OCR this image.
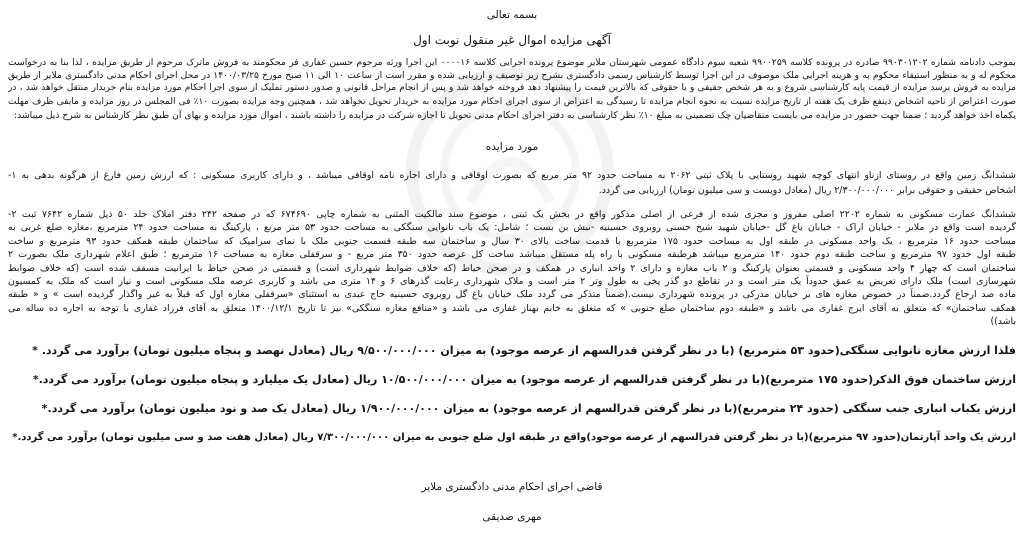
بسمه تعالی
آگهی مزایده اموال غیر منقول نوبت اول
بموجب دادنامه شماره ۹۹۰۳۰۱۲۰۲ صادره در پرونده کلاسه ۹۹۰۰۲۵۹ شعبه سوم دادگاه عمومی شهرستان ملایر موضوع پرونده اجرایی کلاسه ۰۰۰۰۱۶ این اجرا ورثه مرحوم حسین غفاری فر محکومند به فروش ماترک مرحوم از طریق مزایده ، لذا بنا به درخواست
محکوم له و به منظور استیفاء محکوم به و هزینه اجرایی ملک موصوف در این اجرا توسط کارشناس رسمی دادگستری بشرح زیر توصیف و ارزیابی شده و مقرر است از ساعت ۱۰ الی ۱۱ صبح مورخ ۱۴۰۰/۰۳/۲۵ در محل اجرای احکام مدنی دادگستری ملایر از طریق
مزایده به فروش برسد مزایده از قیمت پایه کارشناسی شروع و به هر شخص حقیقی و یا حقوقی که بالاترین قیمت را پیشنهاد دهد فروخته خواهد شد و پس از انجام مراحل قانونی و صدور دستور تملیک از سوی اجرا احکام مورد مزایده بنام خریدار منتقل خواهد شد ، در
صورت اعتراض از ناحیه اشخاص ذینفع ظرف یک هفته از تاریخ مزایده نسبت به نحوه انجام مزایده تا رسیدگی به اعتراض از سوی اجرای احکام مورد مزایده به خریدار تحویل نخواهد شد ، همچنین وجه مزایده بصورت ۱۰٪ فی المجلس در روز مزایده و مابقی ظرف مهلت
یکماه اخذ خواهد گردید ؛ ضمنا جهت حضور در مزایده می بایست متقاضیان چک تضمینی به مبلغ ۱۰٪ نظر کارشناسی به دفتر اجرای احکام مدنی تحویل تا اجازه شرکت در مزایده را داشته باشند ، اموال مورد مزایده و بهای آن طبق نظر کارشناس به شرح ذیل میباشد:
مورد مزایده
ششدانگ زمین واقع در روستای ازناو انتهای کوچه شهید روستایی با پلاک ثبتی ۲۰۶۲ به مساحت حدود ۹۲ متر مربع که بصورت اوقافی و دارای اجاره نامه اوقافی میباشد ، و دارای کاربری مسکونی : که ارزش زمین فارغ از هرگونه بدهی به ۱-
اشخاص حقیقی و حقوقی برابر ۲/۳۰۰/۰۰۰/۰۰۰ ریال (معادل دویست و سی میلیون تومان) ارزیابی می گردد.
ششدانگ عمارت مسکونی به شماره ۲۲۰۲ اصلی مفروز و مجزی شده از فرعی از اصلی مذکور واقع در بخش یک ثبتی ، موضوع سند مالکیت المثنی به شماره چاپی ۶۷۴۶۹۰ که در صفحه ۲۴۲ دفتر املاک جلد ۵۰ ذیل شماره ۷۶۴۲ ثبت ۲-
گردیده است واقع در ملایر - خیابان اراک - خیابان باغ گل -خیابان شهید شیخ حسنی روبروی حسینیه -نبش بن بست ؛ شامل: یک باب نانوایی سنگکی به مساحت حدود ۵۳ متر مربع ، پارکینگ به مساحت حدود ۲۴ مترمربع ،مغازه ضلع غربی به
مساحت حدود ۱۶ مترمربع ، یک واحد مسکونی در طبقه اول به مساحت حدود ۱۷۵ مترمربع با قدمت ساخت بالای ۳۰ سال و ساختمان سه طبقه قسمت جنوبی ملک با نمای سرامیک که ساختمان طبقه همکف حدود ۹۳ مترمربع و ساخت
طبقه اول حدود ۹۷ مترمربع و ساخت طبقه دوم حدود ۱۴۰ مترمربع میباشد هرطبقه مسکونی با راه پله مستقل میباشد ساخت کل عرصه حدود ۳۵۰ متر مربع - و سرقفلی مغازه به مساحت ۱۶ مترمربع ؛ طبق اعلام شهرداری ملک بصورت ۲
ساختمان است که چهار ۴ واحد مسکونی و قسمتی بعنوان پارکینگ و ۲ باب مغازه و دارای ۲ واحد انباری در همکف و در صحن حیاط (که خلاف ضوابط شهرداری است) و قسمتی در صحن حیاط با ایرانیت مسقف شده است (که خلاف ضوابط
شهرسازی است) ملک دارای تعریض به عمق حدوداً یک متر است و در تقاطع دو گذر پخی به طول وتر ۲ متر است و ملاک شهرداری رعایت گذرهای ۶ و ۱۴ متری می باشد و کاربری عرصه ملک مسکونی است و نیاز است که ملک به کمسیون
ماده صد ارجاع گردد.ضمناً در خصوص مغازه های بر خیابان مدرکی در پرونده شهرداری نیست.(ضمناً متذکر می گردد ملک خیابان باغ گل روبروی حسینیه حاج عبدی به استثنای «سرقفلی مغازه اول که قبلاً به غیر واگذار گردیده است » و « طبقه
همکف ساختمان» که متعلق به آقای ایرج غفاری می باشد و «طبقه دوم ساختمان ضلع جنوبی » که متعلق به خانم بهناز غفاری می باشد و «منافع مغازه سنگکی» نیز تا تاریخ ۱۴۰۰/۱۲/۱ متعلق به آقای فرزاد غفاری با توجه به اجاره ده ساله می
باشد))
فلذا ارزش مغازه نانوایی سنگکی(حدود ۵۳ مترمربع) (با در نظر گرفتن قدرالسهم از عرصه موجود) به میزان ۹/۵۰۰/۰۰۰/۰۰۰ ریال (معادل نهصد و پنجاه میلیون تومان) برآورد می گردد. *
ارزش ساختمان فوق الذکر(حدود ۱۷۵ مترمربع)(با در نظر گرفتن قدرالسهم از عرصه موجود) به میزان ۱۰/۵۰۰/۰۰۰/۰۰۰ ریال (معادل یک میلیارد و پنجاه میلیون تومان) برآورد می گردد.*
ارزش یکباب انباری جنب سنگکی (حدود ۲۴ مترمربع)(با در نظر گرفتن قدرالسهم از عرصه موجود) به میزان ۱/۹۰۰/۰۰۰/۰۰۰ ریال (معادل یک صد و نود میلیون تومان) برآورد می گردد.*
ارزش یک واحد آپارتمان(حدود ۹۷ مترمربع)(با در نظر گرفتن قدرالسهم از عرصه موجود)واقع در طبقه اول ضلع جنوبی به میزان ۷/۳۰۰/۰۰۰/۰۰۰ ریال (معادل هفت صد و سی میلیون تومان) برآورد می گردد.*
قاضی اجرای احکام مدنی دادگستری ملایر
مهری صدیقی
